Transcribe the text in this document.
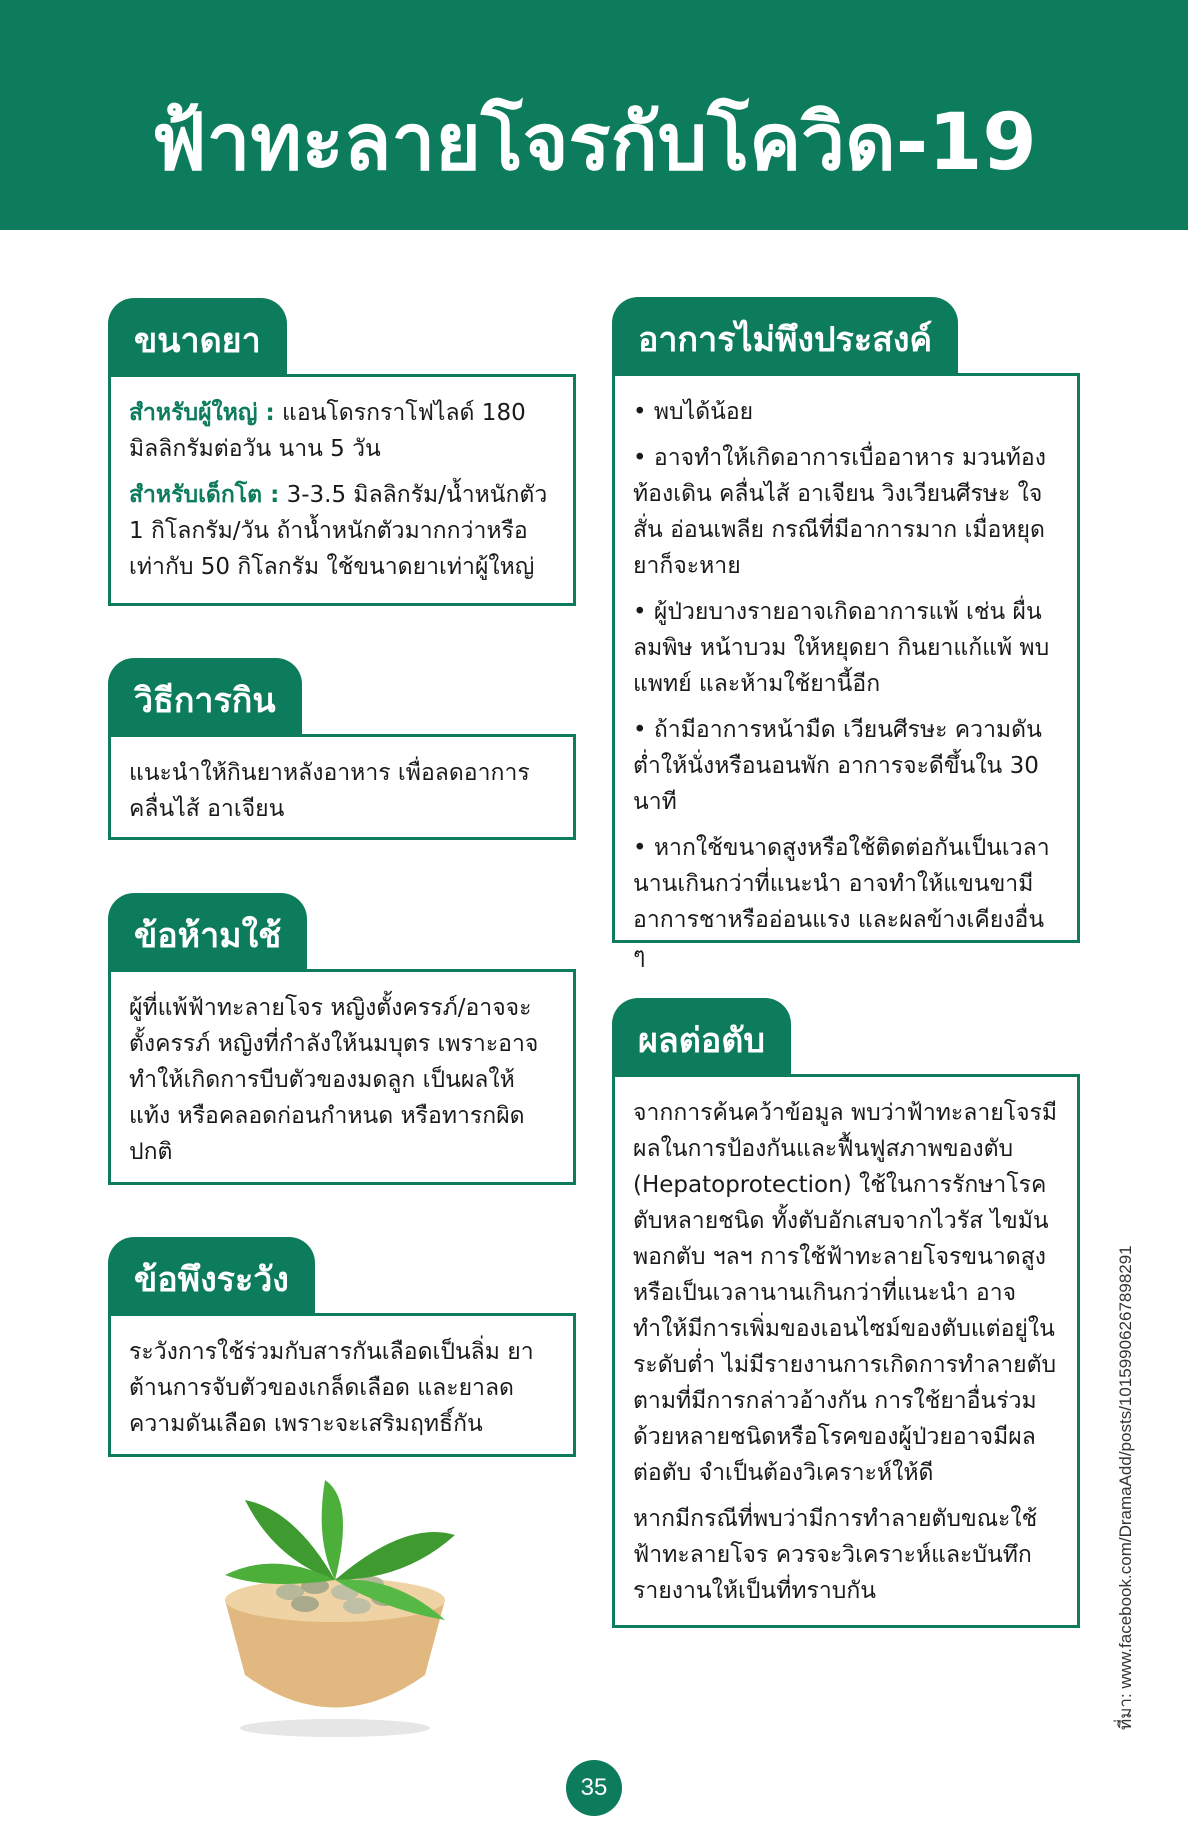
ฟ้าทะลายโจรกับโควิด-19
ขนาดยา

สำหรับผู้ใหญ่ : แอนโดรกราโฟไลด์ 180 มิลลิกรัมต่อวัน นาน 5 วัน

สำหรับเด็กโต : 3-3.5 มิลลิกรัม/น้ำหนักตัว 1 กิโลกรัม/วัน ถ้าน้ำหนักตัวมากกว่าหรือเท่ากับ 50 กิโลกรัม ใช้ขนาดยาเท่าผู้ใหญ่

วิธีการกิน

แนะนำให้กินยาหลังอาหาร เพื่อลดอาการคลื่นไส้ อาเจียน

ข้อห้ามใช้

ผู้ที่แพ้ฟ้าทะลายโจร หญิงตั้งครรภ์/อาจจะตั้งครรภ์ หญิงที่กำลังให้นมบุตร เพราะอาจทำให้เกิดการบีบตัวของมดลูก เป็นผลให้แท้ง หรือคลอดก่อนกำหนด หรือทารกผิดปกติ

ข้อพึงระวัง

ระวังการใช้ร่วมกับสารกันเลือดเป็นลิ่ม ยาต้านการจับตัวของเกล็ดเลือด และยาลดความดันเลือด เพราะจะเสริมฤทธิ์กัน

อาการไม่พึงประสงค์

• พบได้น้อย

• อาจทำให้เกิดอาการเบื่ออาหาร มวนท้อง ท้องเดิน คลื่นไส้ อาเจียน วิงเวียนศีรษะ ใจสั่น อ่อนเพลีย กรณีที่มีอาการมาก เมื่อหยุดยาก็จะหาย

• ผู้ป่วยบางรายอาจเกิดอาการแพ้ เช่น ผื่นลมพิษ หน้าบวม ให้หยุดยา กินยาแก้แพ้ พบแพทย์ และห้ามใช้ยานี้อีก

• ถ้ามีอาการหน้ามืด เวียนศีรษะ ความดันต่ำให้นั่งหรือนอนพัก อาการจะดีขึ้นใน 30 นาที

• หากใช้ขนาดสูงหรือใช้ติดต่อกันเป็นเวลานานเกินกว่าที่แนะนำ อาจทำให้แขนขามีอาการชาหรืออ่อนแรง และผลข้างเคียงอื่น ๆ

ผลต่อตับ

จากการค้นคว้าข้อมูล พบว่าฟ้าทะลายโจรมีผลในการป้องกันและฟื้นฟูสภาพของตับ (Hepatoprotection) ใช้ในการรักษาโรคตับหลายชนิด ทั้งตับอักเสบจากไวรัส ไขมันพอกตับ ฯลฯ การใช้ฟ้าทะลายโจรขนาดสูงหรือเป็นเวลานานเกินกว่าที่แนะนำ อาจทำให้มีการเพิ่มของเอนไซม์ของตับแต่อยู่ในระดับต่ำ ไม่มีรายงานการเกิดการทำลายตับตามที่มีการกล่าวอ้างกัน การใช้ยาอื่นร่วมด้วยหลายชนิดหรือโรคของผู้ป่วยอาจมีผลต่อตับ จำเป็นต้องวิเคราะห์ให้ดี

หากมีกรณีที่พบว่ามีการทำลายตับขณะใช้ฟ้าทะลายโจร ควรจะวิเคราะห์และบันทึกรายงานให้เป็นที่ทราบกัน	ที่มา: www.facebook.com/DramaAdd/posts/10159906267898291
35
